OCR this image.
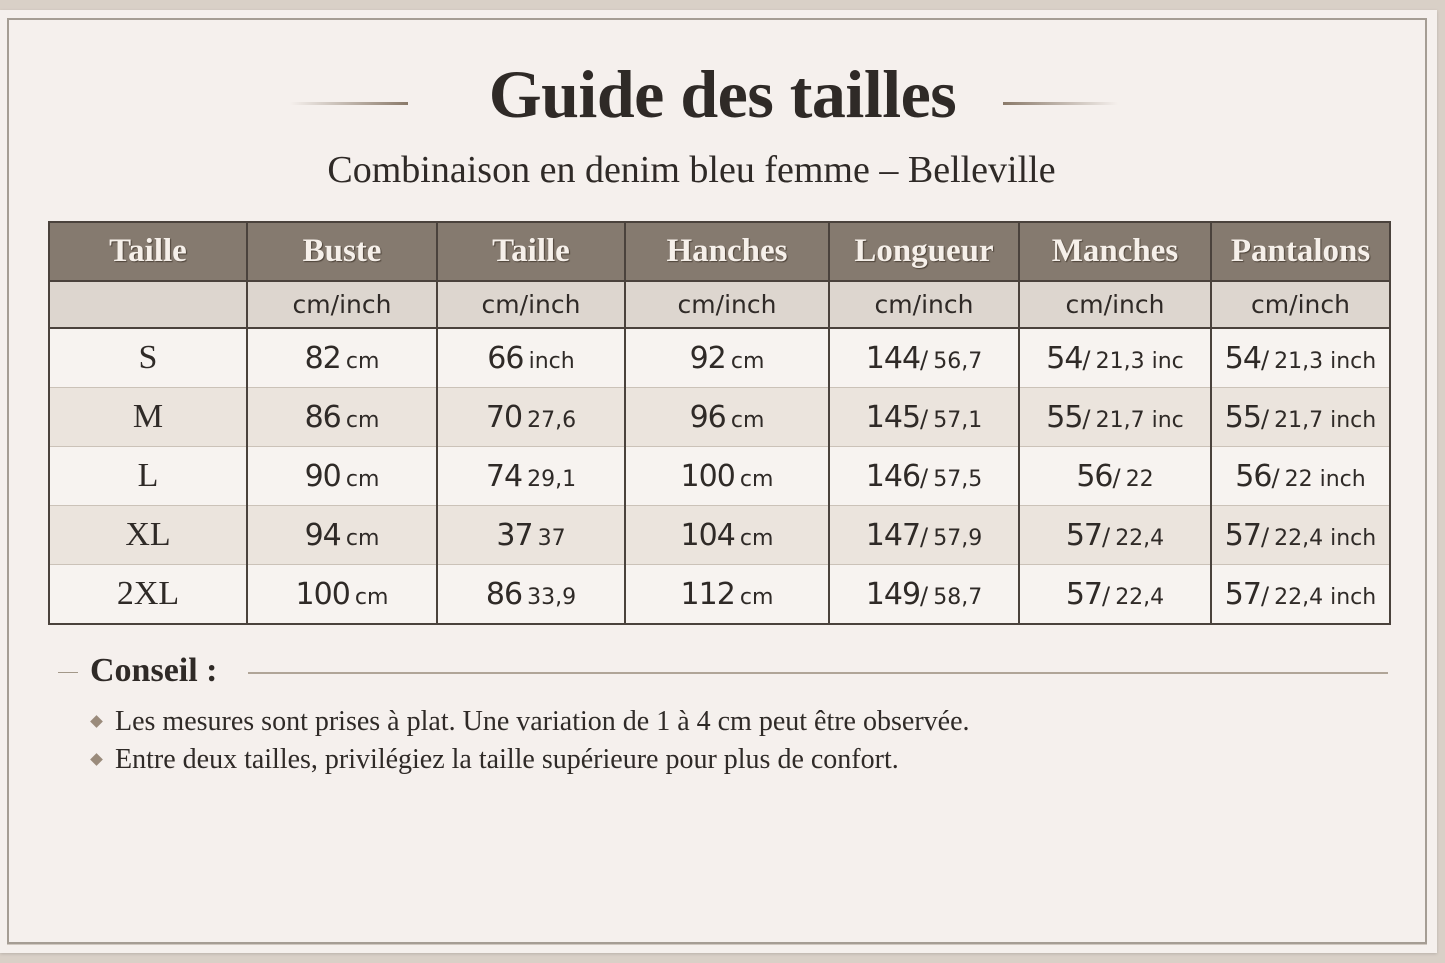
Guide des tailles
Combinaison en denim bleu femme – Belleville
Taille	Buste	Taille	Hanches	Longueur	Manches	Pantalons
	cm/inch	cm/inch	cm/inch	cm/inch	cm/inch	cm/inch
S	82 cm	66 inch	92 cm	144/ 56,7	54/ 21,3 inc	54/ 21,3 inch
M	86 cm	70 27,6	96 cm	145/ 57,1	55/ 21,7 inc	55/ 21,7 inch
L	90 cm	74 29,1	100 cm	146/ 57,5	56/ 22	56/ 22 inch
XL	94 cm	37 37	104 cm	147/ 57,9	57/ 22,4	57/ 22,4 inch
2XL	100 cm	86 33,9	112 cm	149/ 58,7	57/ 22,4	57/ 22,4 inch
Conseil :
Les mesures sont prises à plat. Une variation de 1 à 4 cm peut être observée.
Entre deux tailles, privilégiez la taille supérieure pour plus de confort.
